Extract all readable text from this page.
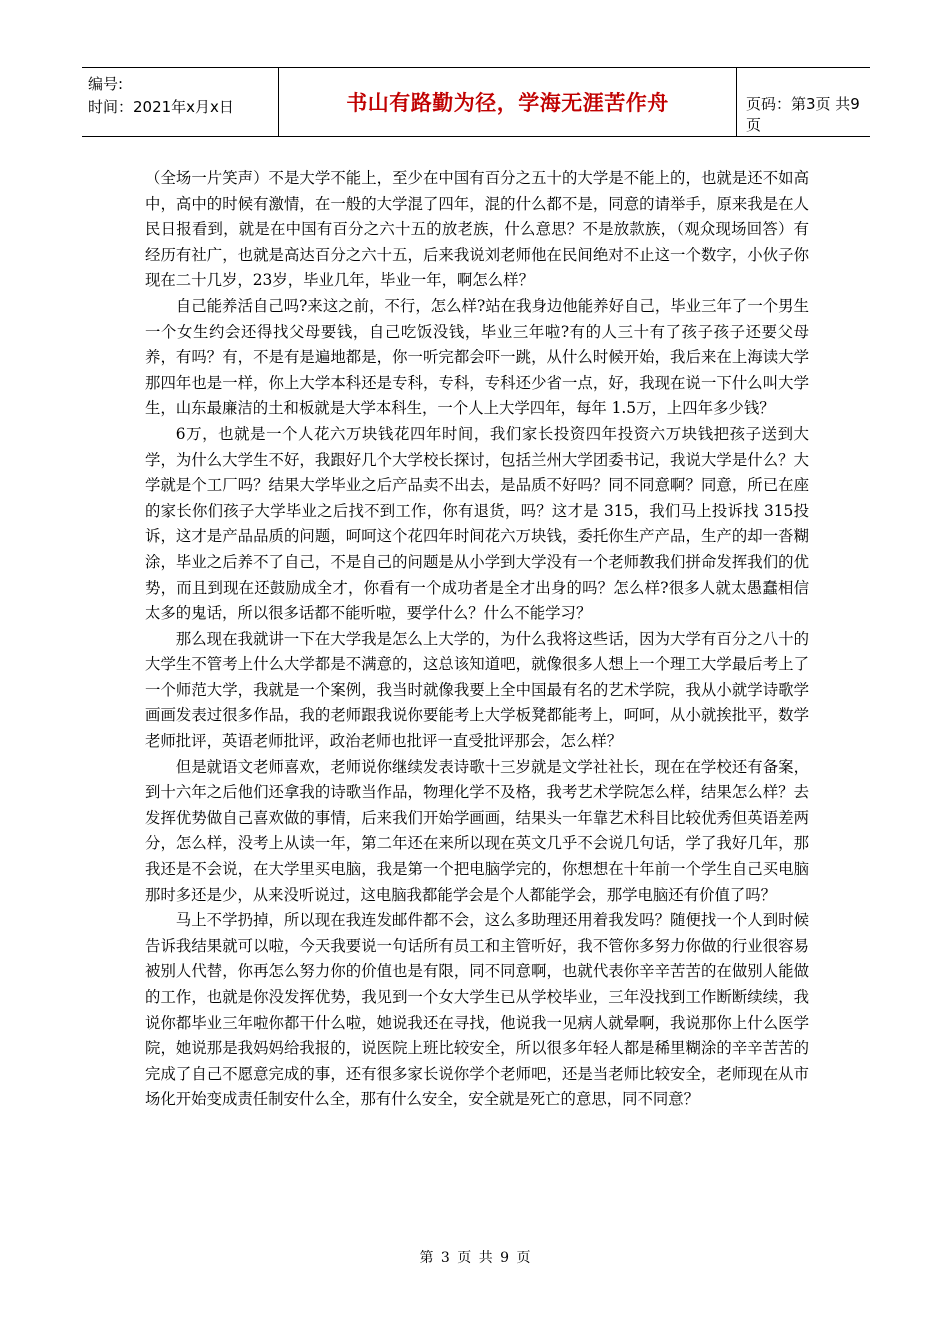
编号:
时间：2021年x月x日	书山有路勤为径，学海无涯苦作舟	页码：第3页 共9页

（全场一片笑声）不是大学不能上，至少在中国有百分之五十的大学是不能上的，也就是还不如高中，高中的时候有激情，在一般的大学混了四年，混的什么都不是，同意的请举手，原来我是在人民日报看到，就是在中国有百分之六十五的放老族，什么意思？不是放款族，（观众现场回答）有经历有社广，也就是高达百分之六十五，后来我说刘老师他在民间绝对不止这一个数字，小伙子你现在二十几岁，23岁，毕业几年，毕业一年，啊怎么样？

自己能养活自己吗?来这之前，不行，怎么样?站在我身边他能养好自己，毕业三年了一个男生一个女生约会还得找父母要钱，自己吃饭没钱，毕业三年啦?有的人三十有了孩子孩子还要父母养，有吗？有，不是有是遍地都是，你一听完都会吓一跳，从什么时候开始，我后来在上海读大学那四年也是一样，你上大学本科还是专科，专科，专科还少省一点，好，我现在说一下什么叫大学生，山东最廉洁的土和板就是大学本科生，一个人上大学四年，每年 1.5万，上四年多少钱？

6万，也就是一个人花六万块钱花四年时间，我们家长投资四年投资六万块钱把孩子送到大学，为什么大学生不好，我跟好几个大学校长探讨，包括兰州大学团委书记，我说大学是什么？大学就是个工厂吗？结果大学毕业之后产品卖不出去，是品质不好吗？同不同意啊？同意，所已在座的家长你们孩子大学毕业之后找不到工作，你有退货，吗？这才是 315，我们马上投诉找 315投诉，这才是产品品质的问题，呵呵这个花四年时间花六万块钱，委托你生产产品，生产的却一沓糊涂，毕业之后养不了自己，不是自己的问题是从小学到大学没有一个老师教我们拼命发挥我们的优势，而且到现在还鼓励成全才，你看有一个成功者是全才出身的吗？怎么样?很多人就太愚蠢相信太多的鬼话，所以很多话都不能听啦，要学什么？什么不能学习？

那么现在我就讲一下在大学我是怎么上大学的，为什么我将这些话，因为大学有百分之八十的大学生不管考上什么大学都是不满意的，这总该知道吧，就像很多人想上一个理工大学最后考上了一个师范大学，我就是一个案例，我当时就像我要上全中国最有名的艺术学院，我从小就学诗歌学画画发表过很多作品，我的老师跟我说你要能考上大学板凳都能考上，呵呵，从小就挨批平，数学老师批评，英语老师批评，政治老师也批评一直受批评那会，怎么样？

但是就语文老师喜欢，老师说你继续发表诗歌十三岁就是文学社社长，现在在学校还有备案，到十六年之后他们还拿我的诗歌当作品，物理化学不及格，我考艺术学院怎么样，结果怎么样？去发挥优势做自己喜欢做的事情，后来我们开始学画画，结果头一年靠艺术科目比较优秀但英语差两分，怎么样，没考上从读一年，第二年还在来所以现在英文几乎不会说几句话，学了我好几年，那我还是不会说，在大学里买电脑，我是第一个把电脑学完的，你想想在十年前一个学生自己买电脑那时多还是少，从来没听说过，这电脑我都能学会是个人都能学会，那学电脑还有价值了吗？

马上不学扔掉，所以现在我连发邮件都不会，这么多助理还用着我发吗？随便找一个人到时候告诉我结果就可以啦，今天我要说一句话所有员工和主管听好，我不管你多努力你做的行业很容易被别人代替，你再怎么努力你的价值也是有限，同不同意啊，也就代表你辛辛苦苦的在做别人能做的工作，也就是你没发挥优势，我见到一个女大学生已从学校毕业，三年没找到工作断断续续，我说你都毕业三年啦你都干什么啦，她说我还在寻找，他说我一见病人就晕啊，我说那你上什么医学院，她说那是我妈妈给我报的，说医院上班比较安全，所以很多年轻人都是稀里糊涂的辛辛苦苦的完成了自己不愿意完成的事，还有很多家长说你学个老师吧，还是当老师比较安全，老师现在从市场化开始变成责任制安什么全，那有什么安全，安全就是死亡的意思，同不同意？

第 3 页 共 9 页
